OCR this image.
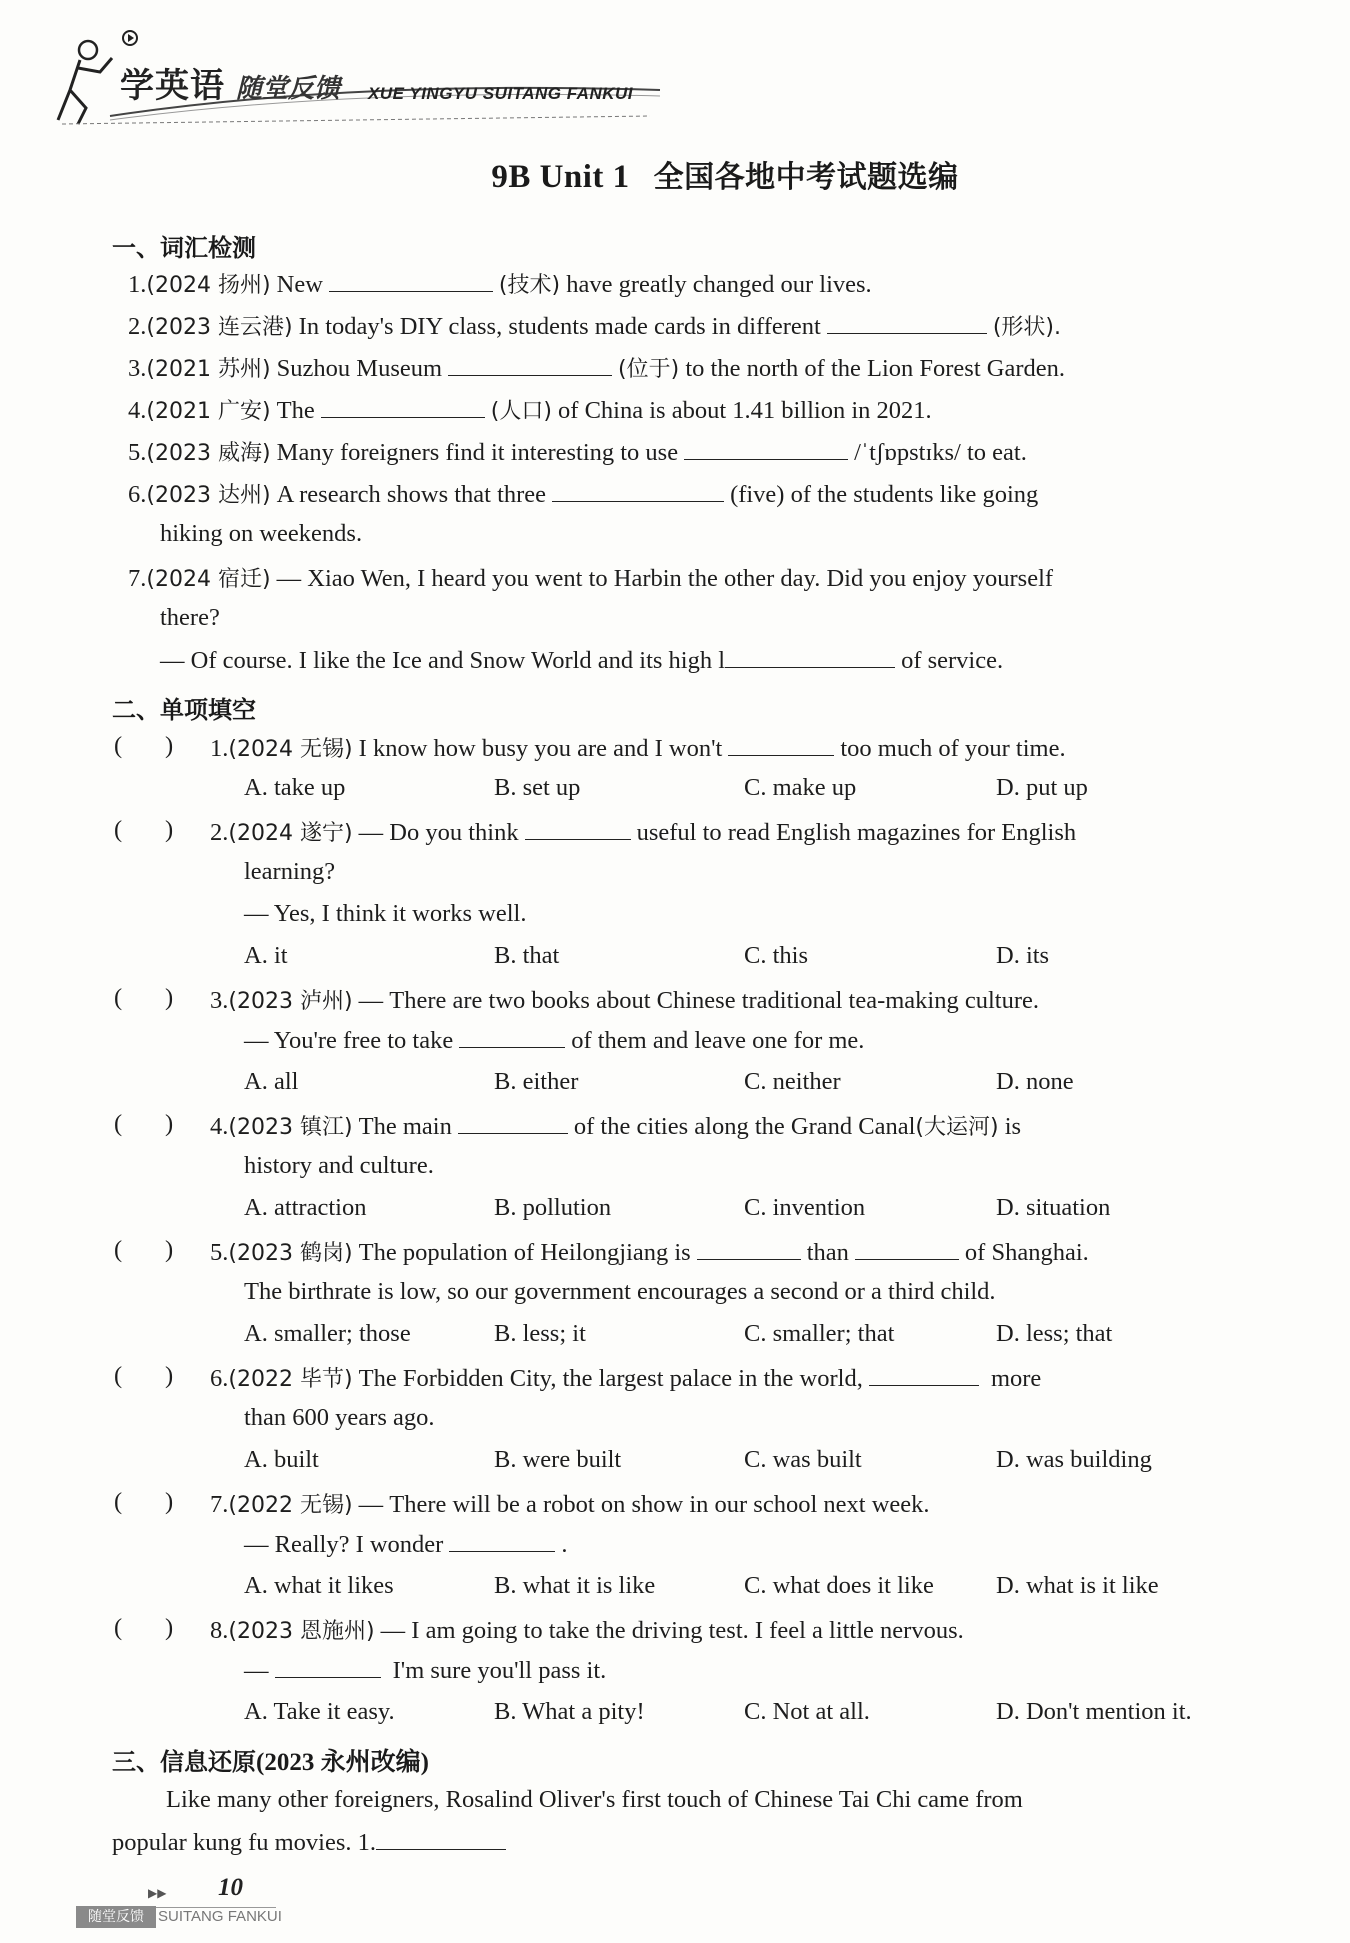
学英语 随堂反馈 XUE YINGYU SUITANG FANKUI
9B Unit 1 全国各地中考试题选编
一、词汇检测
1.(2024 扬州) New	(技术) have greatly changed our lives.
2.(2023 连云港) In today's DIY class, students made cards in different	(形状).
3.(2021 苏州) Suzhou Museum	(位于) to the north of the Lion Forest Garden.
4.(2021 广安) The	(人口) of China is about 1.41 billion in 2021.
5.(2023 威海) Many foreigners find it interesting to use	/ˈtʃɒpstɪks/ to eat.
6.(2023 达州) A research shows that three	(five) of the students like going
hiking on weekends.
7.(2024 宿迁) — Xiao Wen, I heard you went to Harbin the other day. Did you enjoy yourself
there?
— Of course. I like the Ice and Snow World and its high l	of service.
二、单项填空
(       ) 1.(2024 无锡) I know how busy you are and I won't	too much of your time.
A. take up	B. set up	C. make up	D. put up
(       ) 2.(2024 遂宁) — Do you think	useful to read English magazines for English
learning?
— Yes, I think it works well.
A. it	B. that	C. this	D. its
(       ) 3.(2023 泸州) — There are two books about Chinese traditional tea-making culture.
— You're free to take	of them and leave one for me.
A. all	B. either	C. neither	D. none
(       ) 4.(2023 镇江) The main	of the cities along the Grand Canal(大运河) is
history and culture.
A. attraction	B. pollution	C. invention	D. situation
(       ) 5.(2023 鹤岗) The population of Heilongjiang is	than	of Shanghai.
The birthrate is low, so our government encourages a second or a third child.
A. smaller; those	B. less; it	C. smaller; that	D. less; that
(       ) 6.(2022 毕节) The Forbidden City, the largest palace in the world,	more
than 600 years ago.
A. built	B. were built	C. was built	D. was building
(       ) 7.(2022 无锡) — There will be a robot on show in our school next week.
— Really? I wonder	.
A. what it likes	B. what it is like	C. what does it like	D. what is it like
(       ) 8.(2023 恩施州) — I am going to take the driving test. I feel a little nervous.
—	I'm sure you'll pass it.
A. Take it easy.	B. What a pity!	C. Not at all.	D. Don't mention it.
三、信息还原(2023 永州改编)
Like many other foreigners, Rosalind Oliver's first touch of Chinese Tai Chi came from
popular kung fu movies. 1.
▶▶ 10
随堂反馈 SUITANG FANKUI
